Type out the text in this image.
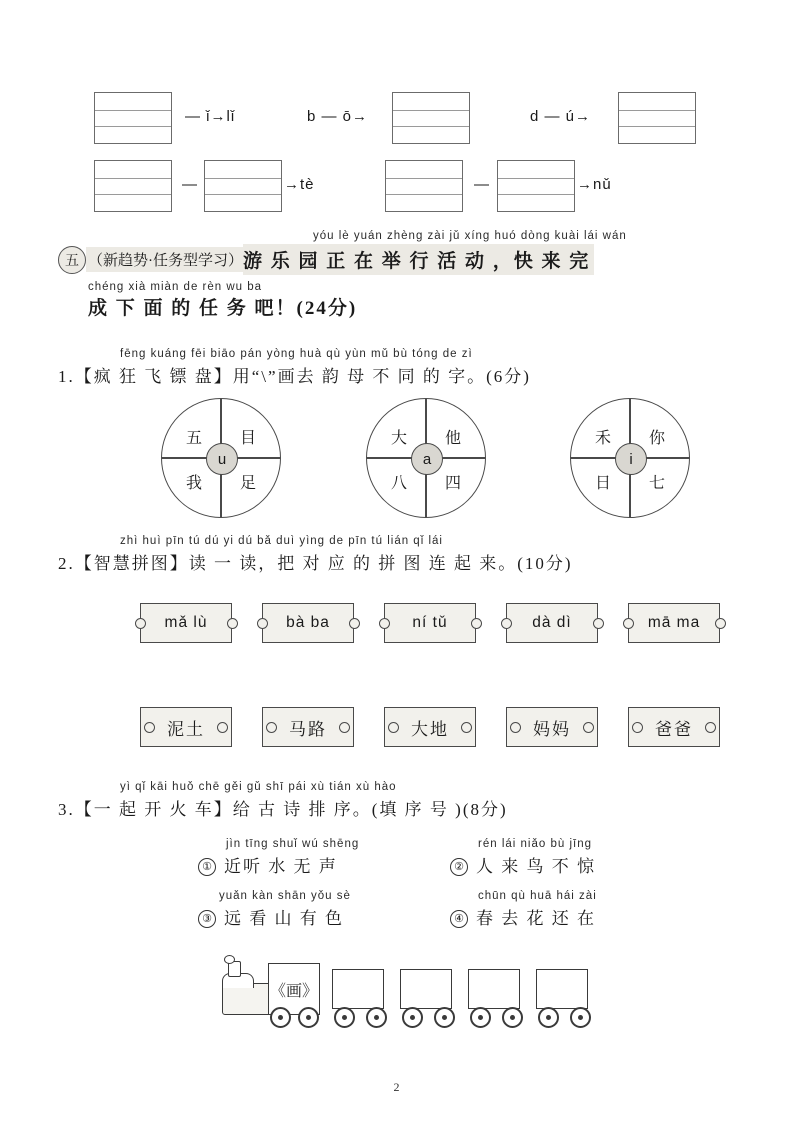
— ǐ→lǐ	b — ō→	d — ú→
—	→tè	—	→nǔ
yóu lè yuán zhèng zài jǔ xíng huó dòng kuài lái wán
五 （新趋势·任务型学习） 游 乐 园 正 在 举 行 活 动 ，快 来 完
chéng xià miàn de rèn wu ba
成 下 面 的 任 务 吧！(24分)
fēng kuáng fēi biāo pán yòng huà qù yùn mǔ bù tóng de zì
1. 【疯 狂 飞 镖 盘】用“\”画去 韵 母 不 同 的 字。(6分)
五	目
我	足
u
大	他
八	四
a
禾	你
日	七
i
zhì huì pīn tú dú yi dú bǎ duì yìng de pīn tú lián qǐ lái
2. 【智慧拼图】读 一 读，把 对 应 的 拼 图 连 起 来。(10分)
mǎ lù	bà ba	ní tǔ	dà dì	mā ma
泥土	马路	大地	妈妈	爸爸
yì qǐ kāi huǒ chē gěi gǔ shī pái xù tián xù hào
3. 【一 起 开 火 车】给 古 诗 排 序。(填 序 号 )(8分)
jìn tīng shuǐ wú shēng
① 近听 水 无 声
rén lái niǎo bù jīng
② 人 来 鸟 不 惊
yuǎn kàn shān yǒu sè
③ 远 看 山 有 色
chūn qù huā hái zài
④ 春 去 花 还 在
《画》
2
